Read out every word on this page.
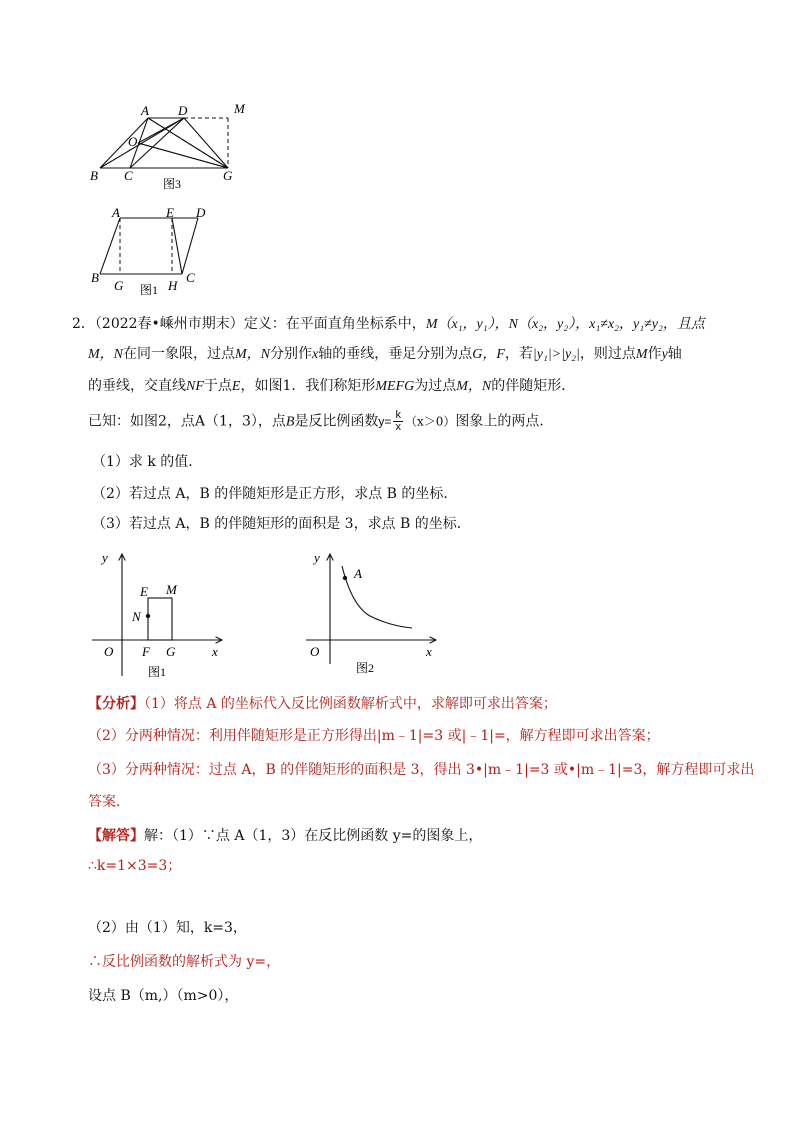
A D	M
O
B C	G
图3
A	E D
B
G	H
C
图1
2．（2022春•嵊州市期末）定义：在平面直角坐标系中，M（x₁，y₁），N（x₂，y₂），x₁≠x₂，y₁≠y₂，且点
M，N在同一象限，过点M，N分别作x轴的垂线，垂足分别为点G，F，若|y₁|>|y₂|，则过点M作y轴
的垂线，交直线NF于点E，如图1．我们称矩形MEFG为过点M，N的伴随矩形．
已知：如图2，点A（1，3），点B是反比例函数$y= \frac{k}{x} (x>0)$图象上的两点．
（1）求 k 的值．
（2）若过点 A，B 的伴随矩形是正方形，求点 B 的坐标．
（3）若过点 A，B 的伴随矩形的面积是 3，求点 B 的坐标．
y
x
O
E M
N
F G
图1
y
x
O
A
图2
【分析】（1）将点 A 的坐标代入反比例函数解析式中，求解即可求出答案；
（2）分两种情况：利用伴随矩形是正方形得出|m﹣1|=3 或|﹣1|=，解方程即可求出答案；
（3）分两种情况：过点 A，B 的伴随矩形的面积是 3，得出 3•|m﹣1|=3 或•|m﹣1|=3，解方程即可求出
答案．
【解答】解：（1）∵点 A（1，3）在反比例函数 y=的图象上，
∴k=1×3=3；
（2）由（1）知，k=3，
∴反比例函数的解析式为 y=，
设点 B（m,）（m>0），
